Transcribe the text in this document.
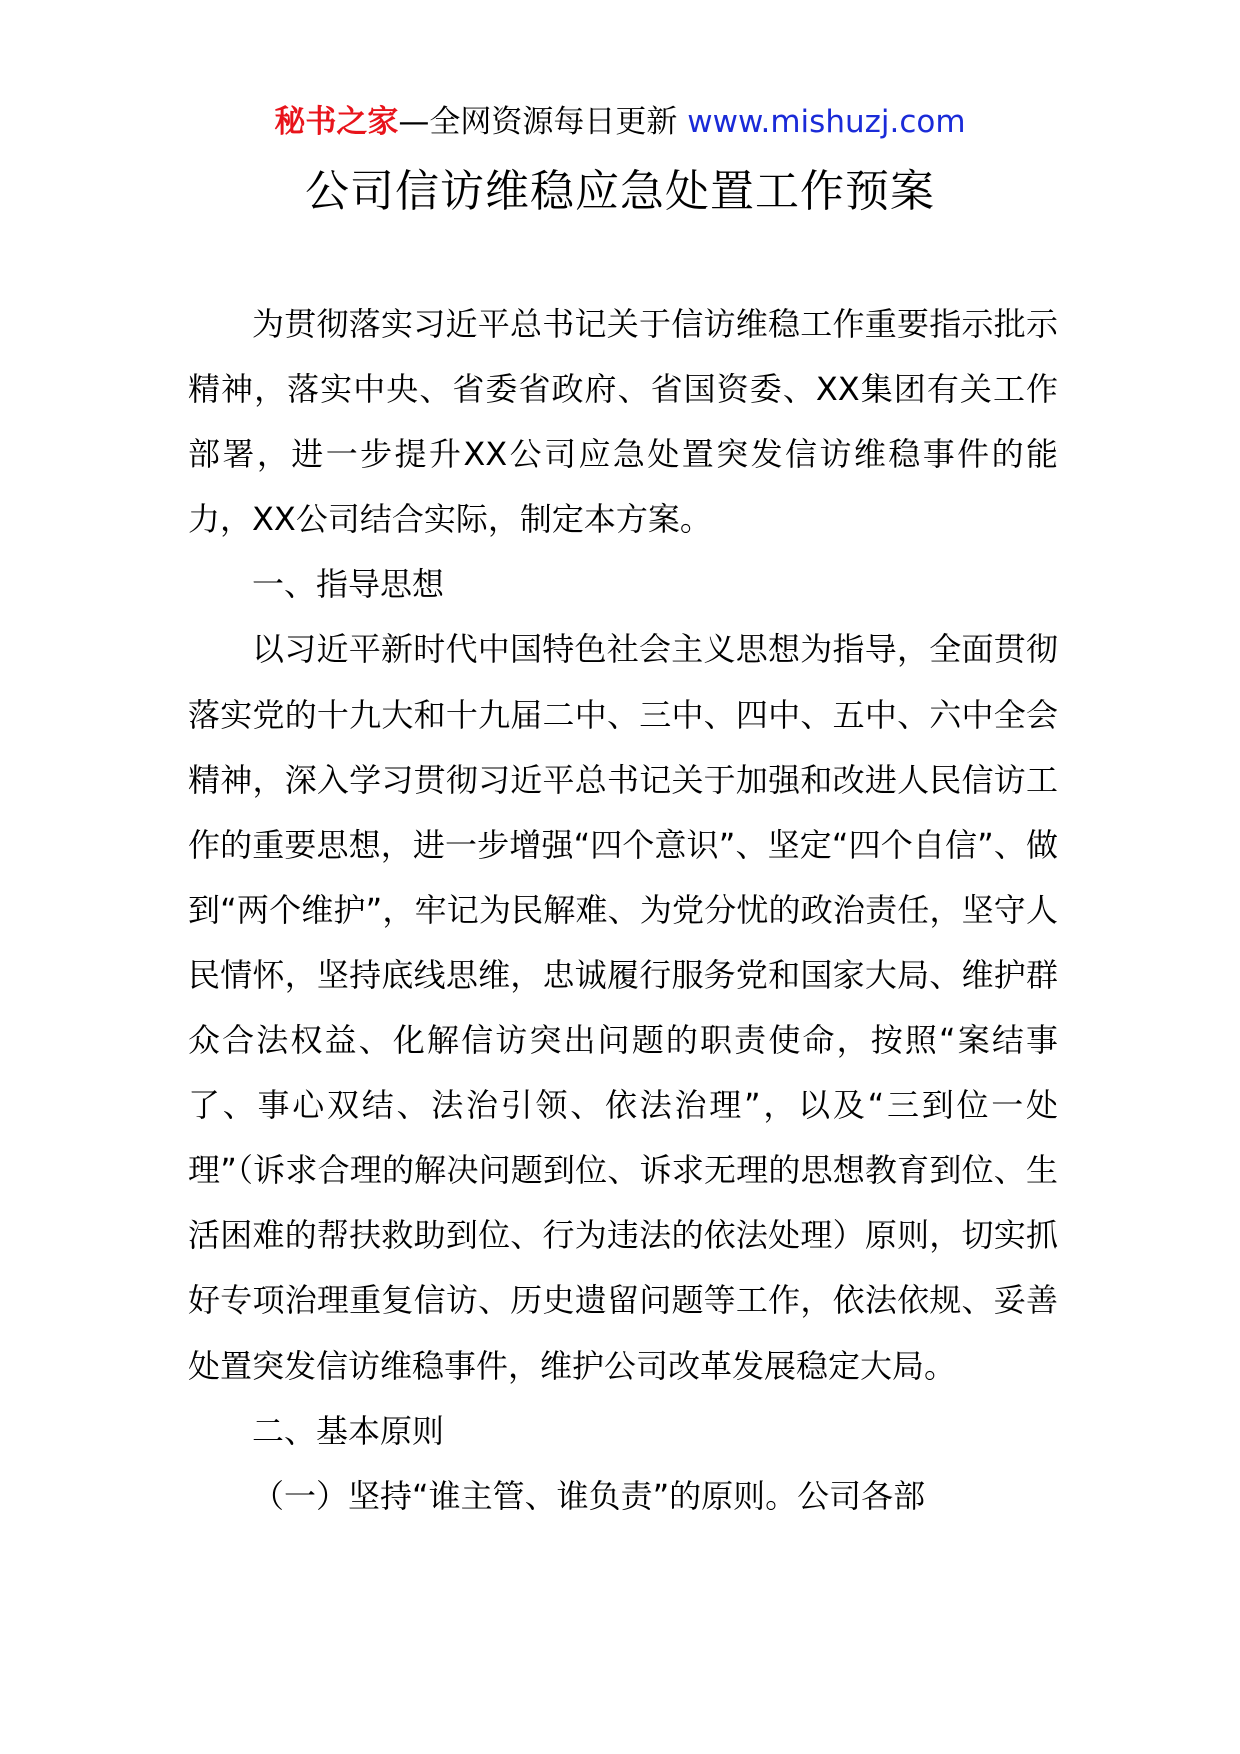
秘书之家—全网资源每日更新 www.mishuzj.com
公司信访维稳应急处置工作预案

为贯彻落实习近平总书记关于信访维稳工作重要指示批示精神，落实中央、省委省政府、省国资委、XX集团有关工作部署，进一步提升XX公司应急处置突发信访维稳事件的能力，XX公司结合实际，制定本方案。

一、指导思想

以习近平新时代中国特色社会主义思想为指导，全面贯彻落实党的十九大和十九届二中、三中、四中、五中、六中全会精神，深入学习贯彻习近平总书记关于加强和改进人民信访工作的重要思想，进一步增强“四个意识”、坚定“四个自信”、做到“两个维护”，牢记为民解难、为党分忧的政治责任，坚守人民情怀，坚持底线思维，忠诚履行服务党和国家大局、维护群众合法权益、化解信访突出问题的职责使命，按照“案结事了、事心双结、法治引领、依法治理”，以及“三到位一处理”（诉求合理的解决问题到位、诉求无理的思想教育到位、生活困难的帮扶救助到位、行为违法的依法处理）原则，切实抓好专项治理重复信访、历史遗留问题等工作，依法依规、妥善处置突发信访维稳事件，维护公司改革发展稳定大局。

二、基本原则

（一）坚持“谁主管、谁负责”的原则。公司各部
